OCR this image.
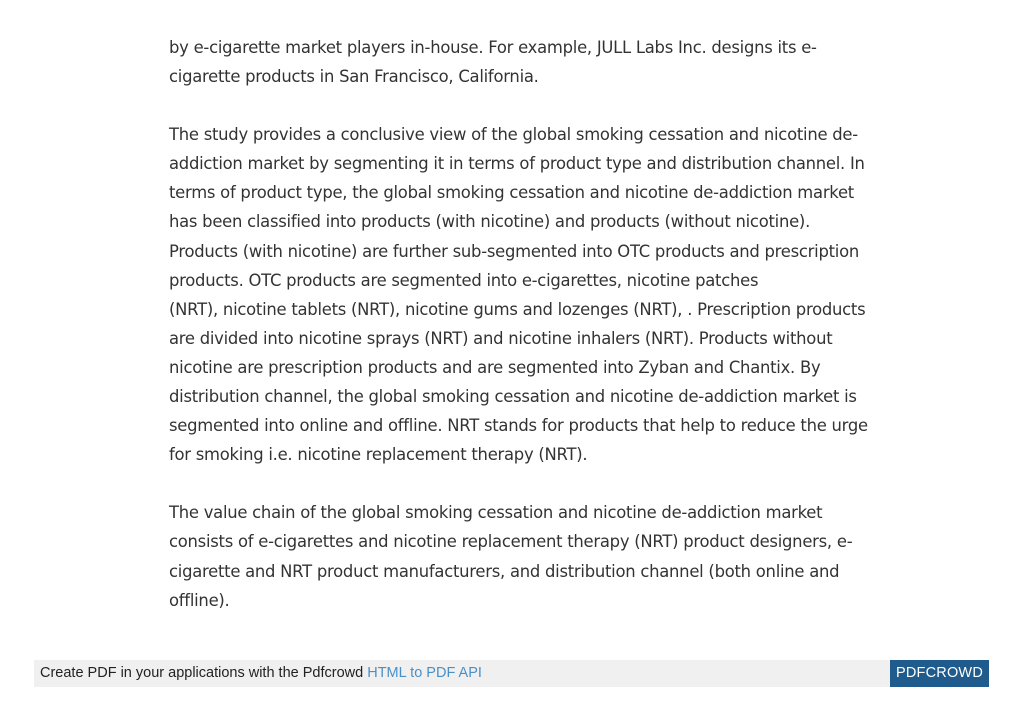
by e-cigarette market players in-house. For example, JULL Labs Inc. designs its e-
cigarette products in San Francisco, California.

The study provides a conclusive view of the global smoking cessation and nicotine de-
addiction market by segmenting it in terms of product type and distribution channel. In
terms of product type, the global smoking cessation and nicotine de-addiction market
has been classified into products (with nicotine) and products (without nicotine).
Products (with nicotine) are further sub-segmented into OTC products and prescription
products. OTC products are segmented into e-cigarettes, nicotine patches
(NRT), nicotine tablets (NRT), nicotine gums and lozenges (NRT), . Prescription products
are divided into nicotine sprays (NRT) and nicotine inhalers (NRT). Products without
nicotine are prescription products and are segmented into Zyban and Chantix. By
distribution channel, the global smoking cessation and nicotine de-addiction market is
segmented into online and offline. NRT stands for products that help to reduce the urge
for smoking i.e. nicotine replacement therapy (NRT).

The value chain of the global smoking cessation and nicotine de-addiction market
consists of e-cigarettes and nicotine replacement therapy (NRT) product designers, e-
cigarette and NRT product manufacturers, and distribution channel (both online and
offline).

Create PDF in your applications with the Pdfcrowd HTML to PDF API	PDFCROWD
